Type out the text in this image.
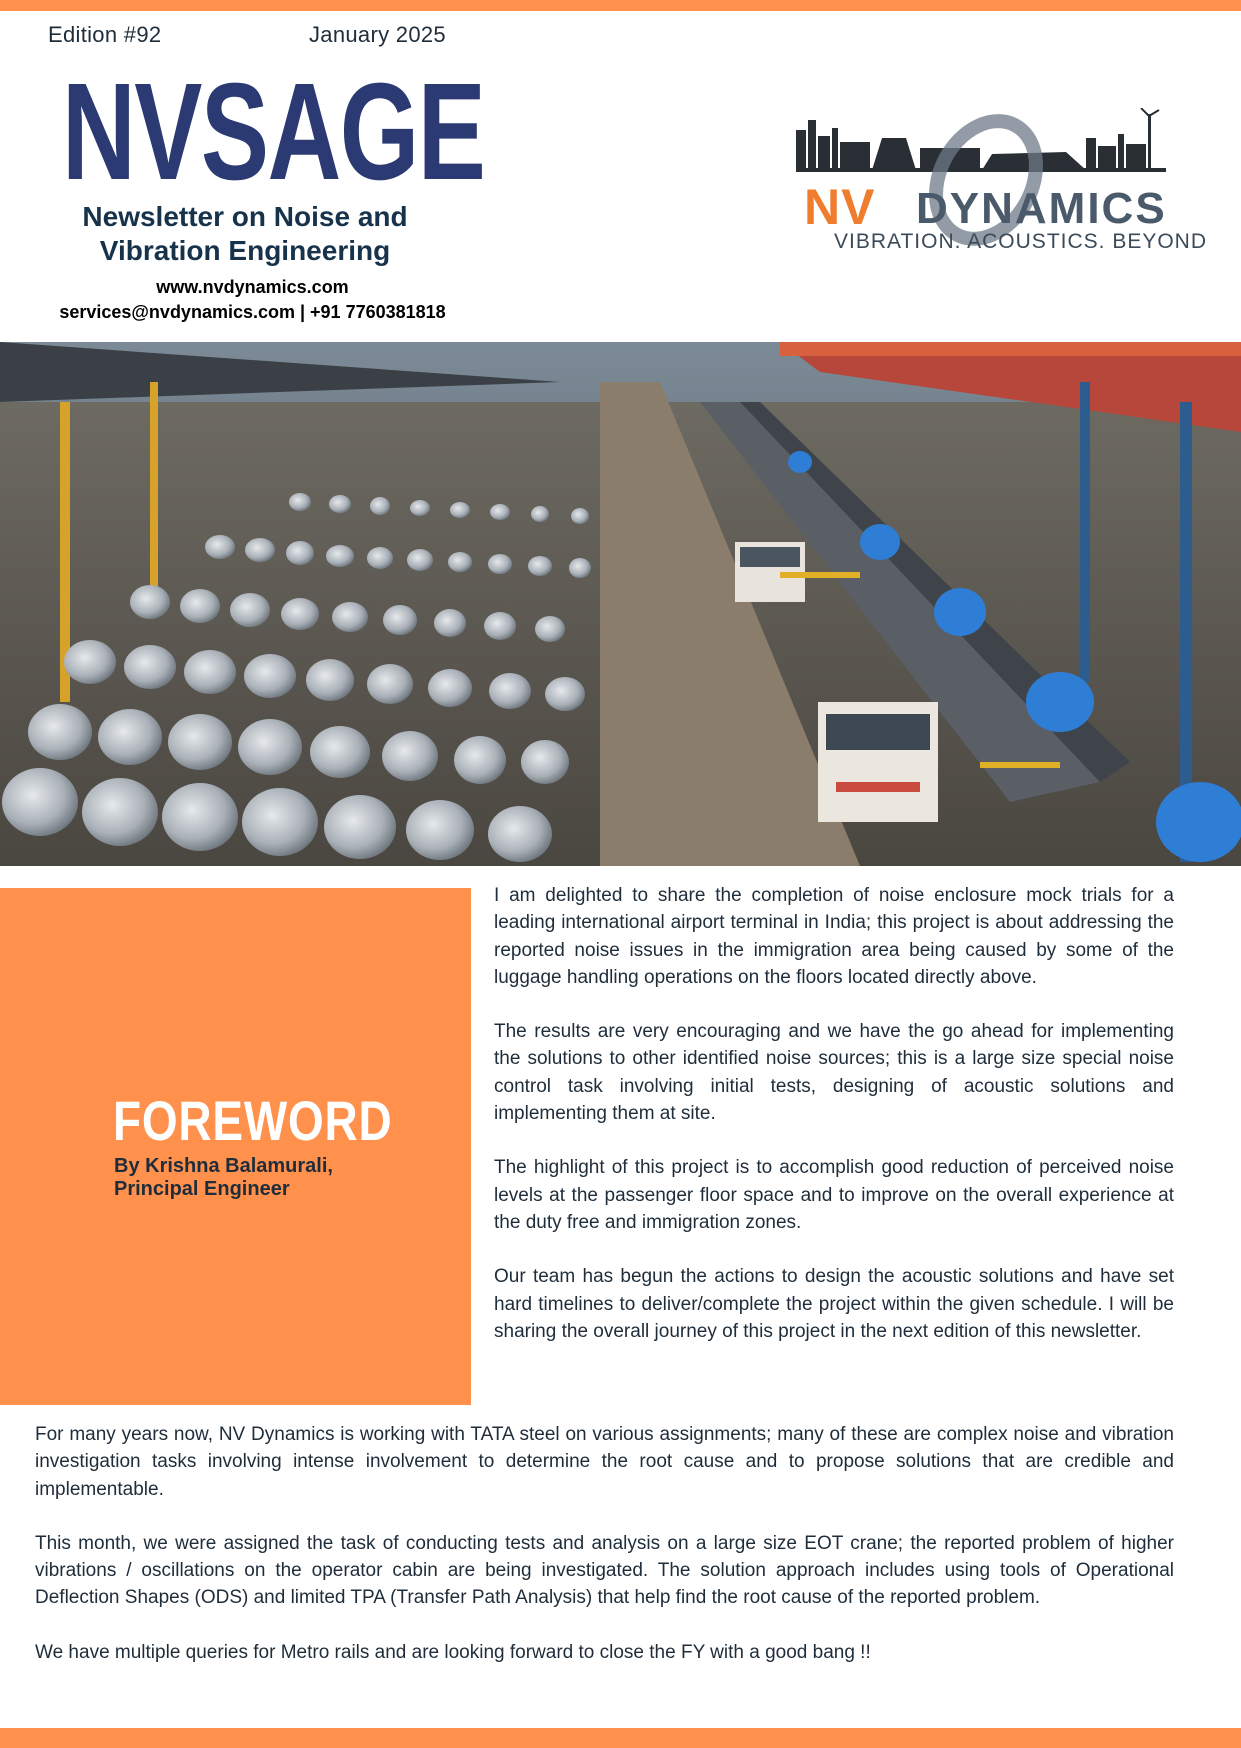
Edition #92	January 2025
NVSAGE
Newsletter on Noise and
Vibration Engineering
www.nvdynamics.com
services@nvdynamics.com | +91 7760381818
NV DYNAMICS
VIBRATION. ACOUSTICS. BEYOND
FOREWORD
By Krishna Balamurali,
Principal Engineer

I am delighted to share the completion of noise enclosure mock trials for a leading international airport terminal in India; this project is about addressing the reported noise issues in the immigration area being caused by some of the luggage handling operations on the floors located directly above.

The results are very encouraging and we have the go ahead for implementing the solutions to other identified noise sources; this is a large size special noise control task involving initial tests, designing of acoustic solutions and implementing them at site.

The highlight of this project is to accomplish good reduction of perceived noise levels at the passenger floor space and to improve on the overall experience at the duty free and immigration zones.

Our team has begun the actions to design the acoustic solutions and have set hard timelines to deliver/complete the project within the given schedule. I will be sharing the overall journey of this project in the next edition of this newsletter.

For many years now, NV Dynamics is working with TATA steel on various assignments; many of these are complex noise and vibration investigation tasks involving intense involvement to determine the root cause and to propose solutions that are credible and implementable.

This month, we were assigned the task of conducting tests and analysis on a large size EOT crane; the reported problem of higher vibrations / oscillations on the operator cabin are being investigated. The solution approach includes using tools of Operational Deflection Shapes (ODS) and limited TPA (Transfer Path Analysis) that help find the root cause of the reported problem.

We have multiple queries for Metro rails and are looking forward to close the FY with a good bang !!
